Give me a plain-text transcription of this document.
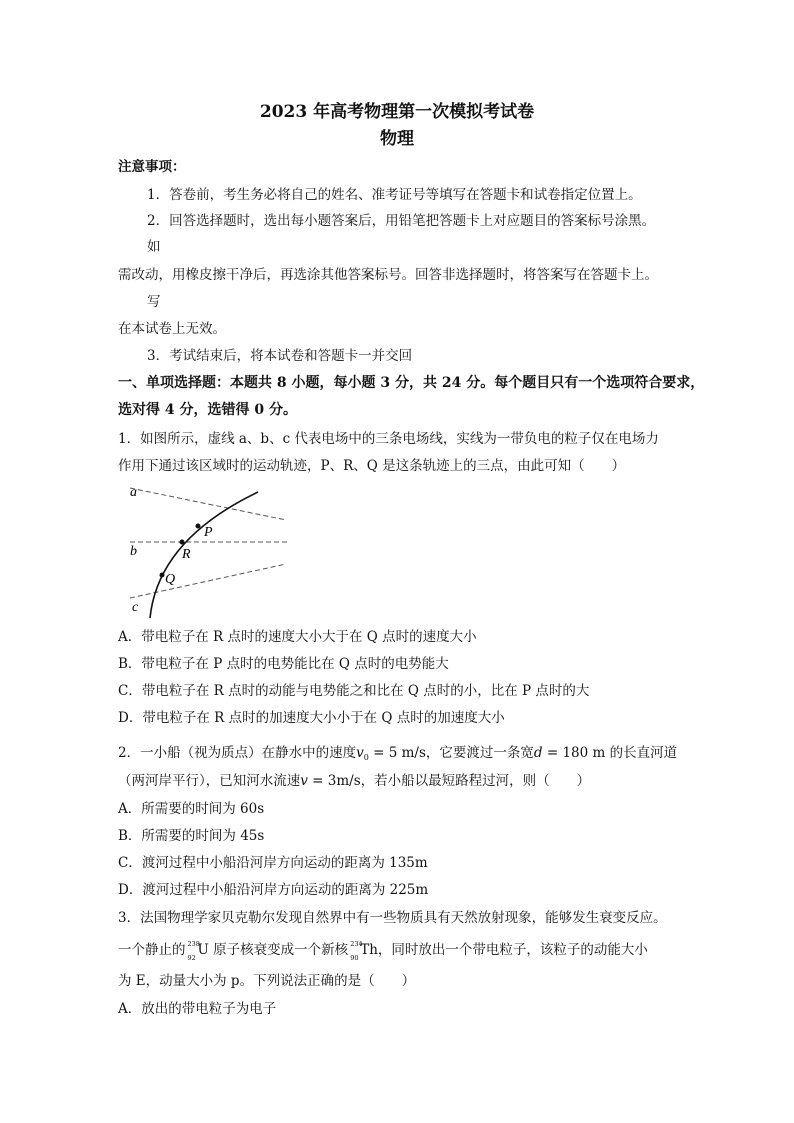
2023 年高考物理第一次模拟考试卷
物理
注意事项：
1．答卷前，考生务必将自己的姓名、准考证号等填写在答题卡和试卷指定位置上。
2．回答选择题时，选出每小题答案后，用铅笔把答题卡上对应题目的答案标号涂黑。
如
需改动，用橡皮擦干净后，再选涂其他答案标号。回答非选择题时，将答案写在答题卡上。
写
在本试卷上无效。
3．考试结束后，将本试卷和答题卡一并交回
一、单项选择题：本题共 8 小题，每小题 3 分，共 24 分。每个题目只有一个选项符合要求，
选对得 4 分，选错得 0 分。
1．如图所示，虚线 a、b、c 代表电场中的三条电场线，实线为一带负电的粒子仅在电场力
作用下通过该区域时的运动轨迹，P、R、Q 是这条轨迹上的三点，由此可知（　　）
a
b
c
P
R
Q
A．带电粒子在 R 点时的速度大小大于在 Q 点时的速度大小
B．带电粒子在 P 点时的电势能比在 Q 点时的电势能大
C．带电粒子在 R 点时的动能与电势能之和比在 Q 点时的小，比在 P 点时的大
D．带电粒子在 R 点时的加速度大小小于在 Q 点时的加速度大小
2．一小船（视为质点）在静水中的速度$v_0 = 5$ m/s，它要渡过一条宽d = 180 m 的长直河道
（两河岸平行），已知河水流速v = 3m/s，若小船以最短路程过河，则（　　）
A．所需要的时间为 60s
B．所需要的时间为 45s
C．渡河过程中小船沿河岸方向运动的距离为 135m
D．渡河过程中小船沿河岸方向运动的距离为 225m
3．法国物理学家贝克勒尔发现自然界中有一些物质具有天然放射现象，能够发生衰变反应。
一个静止的 238
92 U 原子核衰变成一个新核 234
90 Th，同时放出一个带电粒子，该粒子的动能大小
为 E，动量大小为 p。下列说法正确的是（　　）
A．放出的带电粒子为电子
